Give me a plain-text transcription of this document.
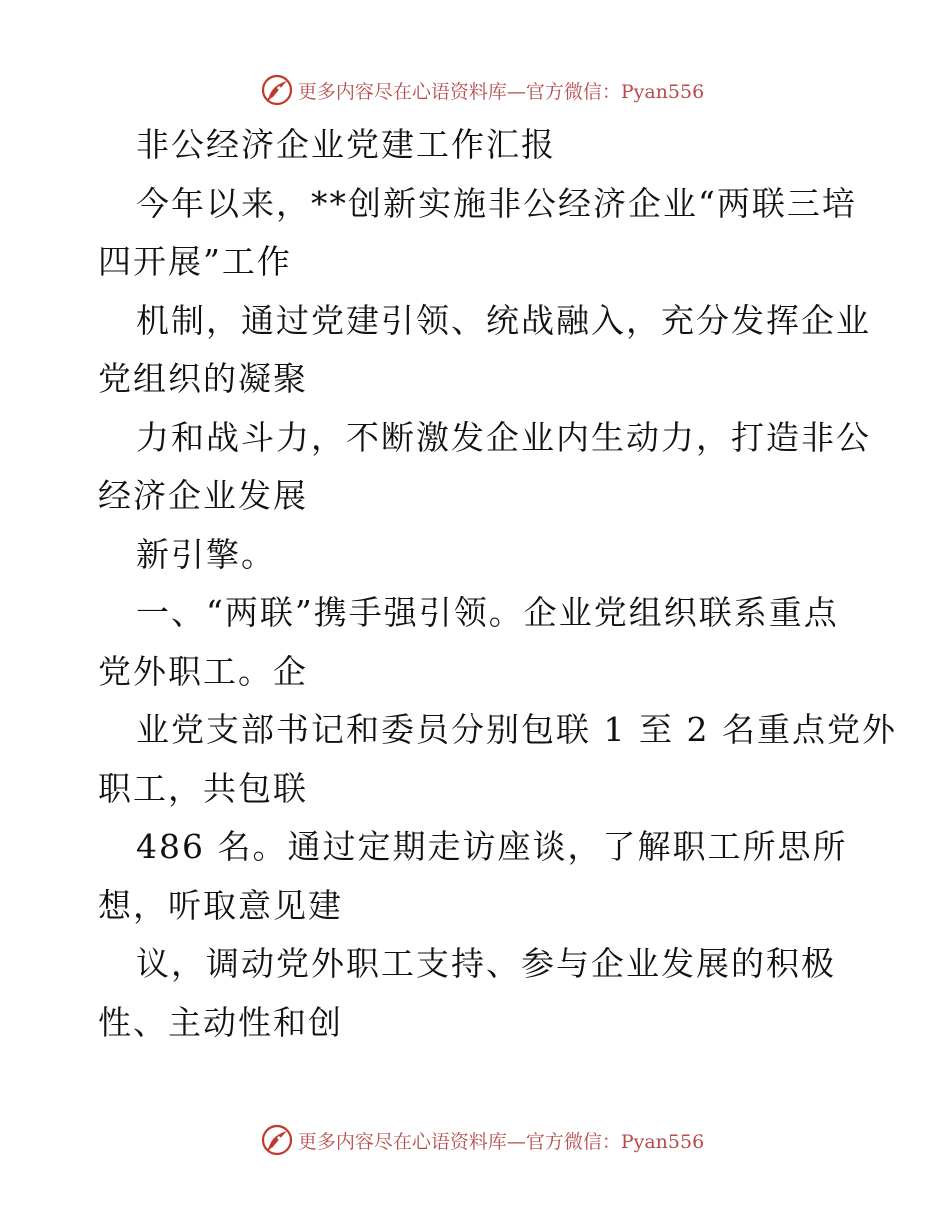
更多内容尽在心语资料库—官方微信：Pyan556
非公经济企业党建工作汇报
今年以来，**创新实施非公经济企业“两联三培
四开展”工作
机制，通过党建引领、统战融入，充分发挥企业
党组织的凝聚
力和战斗力，不断激发企业内生动力，打造非公
经济企业发展
新引擎。
一、“两联”携手强引领。企业党组织联系重点
党外职工。企
业党支部书记和委员分别包联 1 至 2 名重点党外
职工，共包联
486 名。通过定期走访座谈，了解职工所思所
想，听取意见建
议，调动党外职工支持、参与企业发展的积极
性、主动性和创
更多内容尽在心语资料库—官方微信：Pyan556
